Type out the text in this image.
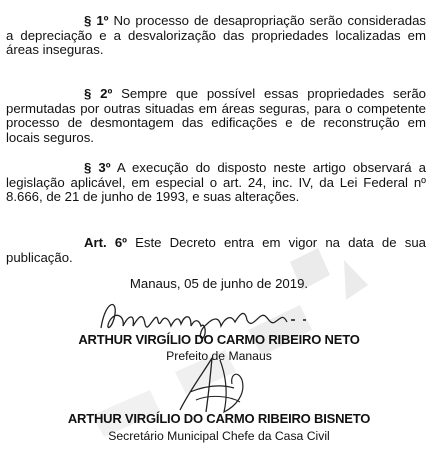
§ 1º No processo de desapropriação serão consideradas a depreciação e a desvalorização das propriedades localizadas em áreas inseguras.

§ 2º Sempre que possível essas propriedades serão permutadas por outras situadas em áreas seguras, para o competente processo de desmontagem das edificações e de reconstrução em locais seguros.

§ 3º A execução do disposto neste artigo observará a legislação aplicável, em especial o art. 24, inc. IV, da Lei Federal nº 8.666, de 21 de junho de 1993, e suas alterações.

Art. 6º Este Decreto entra em vigor na data de sua publicação.

Manaus, 05 de junho de 2019.

ARTHUR VIRGÍLIO DO CARMO RIBEIRO NETO

Prefeito de Manaus

ARTHUR VIRGÍLIO DO CARMO RIBEIRO BISNETO

Secretário Municipal Chefe da Casa Civil
